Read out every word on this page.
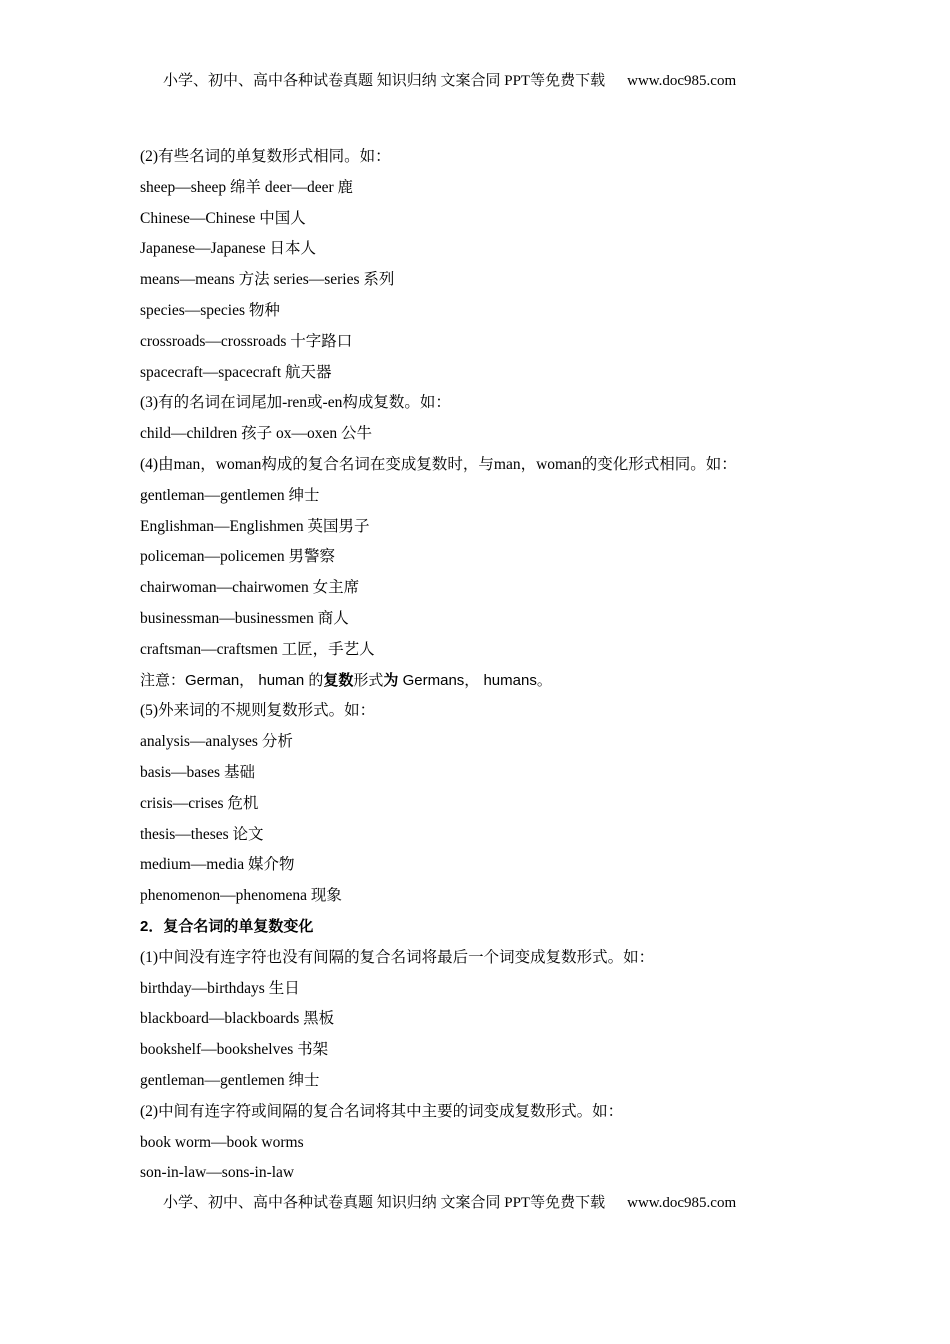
小学、初中、高中各种试卷真题 知识归纳 文案合同 PPT等免费下载 www.doc985.com
(2)有些名词的单复数形式相同。如：
sheep—sheep 绵羊 deer—deer 鹿
Chinese—Chinese 中国人
Japanese—Japanese 日本人
means—means 方法 series—series 系列
species—species 物种
crossroads—crossroads 十字路口
spacecraft—spacecraft 航天器
(3)有的名词在词尾加-ren或-en构成复数。如：
child—children 孩子 ox—oxen 公牛
(4)由man，woman构成的复合名词在变成复数时，与man，woman的变化形式相同。如：
gentleman—gentlemen 绅士
Englishman—Englishmen 英国男子
policeman—policemen 男警察
chairwoman—chairwomen 女主席
businessman—businessmen 商人
craftsman—craftsmen 工匠，手艺人
注意：German， human 的复数形式为 Germans， humans。
(5)外来词的不规则复数形式。如：
analysis—analyses 分析
basis—bases 基础
crisis—crises 危机
thesis—theses 论文
medium—media 媒介物
phenomenon—phenomena 现象
2．复合名词的单复数变化
(1)中间没有连字符也没有间隔的复合名词将最后一个词变成复数形式。如：
birthday—birthdays 生日
blackboard—blackboards 黑板
bookshelf—bookshelves 书架
gentleman—gentlemen 绅士
(2)中间有连字符或间隔的复合名词将其中主要的词变成复数形式。如：
book worm—book worms
son-in-law—sons-in-law
小学、初中、高中各种试卷真题 知识归纳 文案合同 PPT等免费下载 www.doc985.com
